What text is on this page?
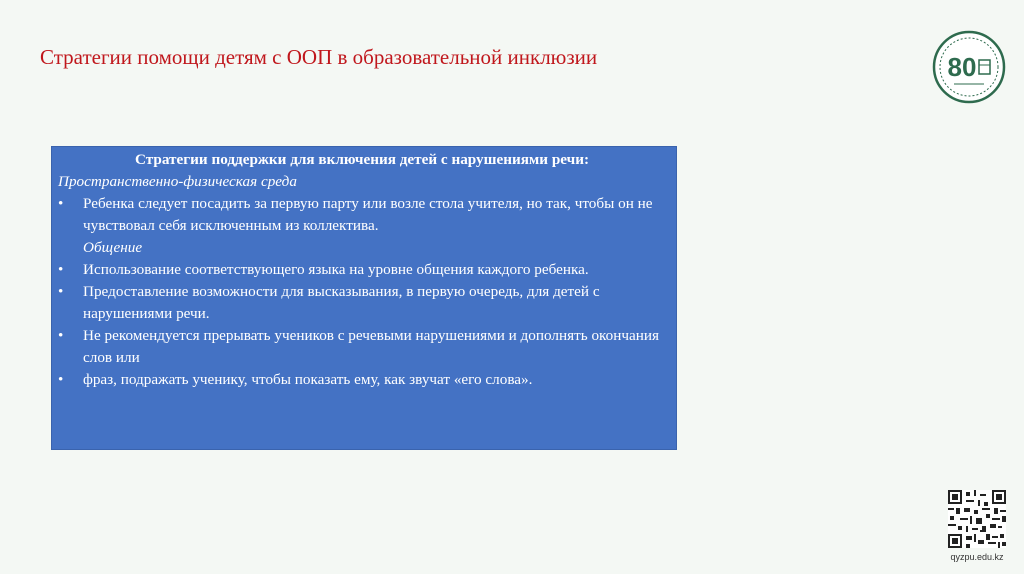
Стратегии помощи детям с ООП в образовательной инклюзии	80
Стратегии поддержки для включения детей с нарушениями речи:
Пространственно-физическая среда
•	Ребенка следует посадить за первую парту или возле стола учителя, но так, чтобы он не чувствовал себя исключенным из коллектива.
Общение
•	Использование соответствующего языка на уровне общения каждого ребенка.
•	Предоставление возможности для высказывания, в первую очередь, для детей с нарушениями речи.
•	Не рекомендуется прерывать учеников с речевыми нарушениями и дополнять окончания слов или
•	фраз, подражать ученику, чтобы показать ему, как звучат «его слова».
qyzpu.edu.kz
